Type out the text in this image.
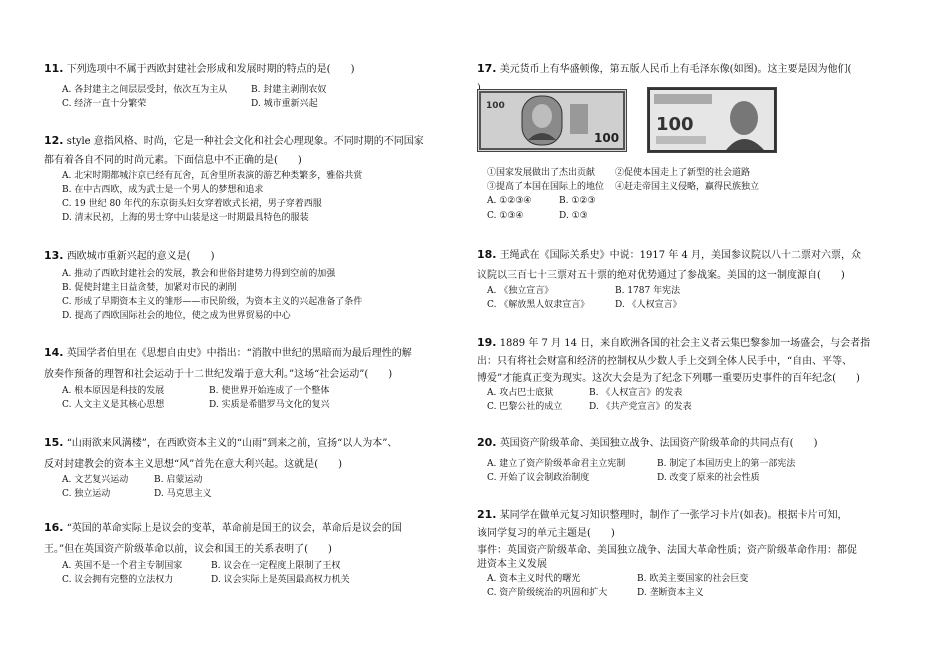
11. 下列选项中不属于西欧封建社会形成和发展时期的特点的是(　　)
A. 各封建主之间层层受封，依次互为主从	B. 封建主剥削农奴
C. 经济一直十分繁荣	D. 城市重新兴起
12. style 意指风格、时尚，它是一种社会文化和社会心理现象。不同时期的不同国家
都有着各自不同的时尚元素。下面信息中不正确的是(　　)
A. 北宋时期都城汴京已经有瓦舍，瓦舍里所表演的游艺种类繁多，雅俗共赏
B. 在中古西欧，成为武士是一个男人的梦想和追求
C. 19 世纪 80 年代的东京街头妇女穿着欧式长裙，男子穿着西服
D. 清末民初，上海的男士穿中山装是这一时期最具特色的服装
13. 西欧城市重新兴起的意义是(　　)
A. 推动了西欧封建社会的发展，教会和世俗封建势力得到空前的加强
B. 促使封建主日益贪婪，加紧对市民的剥削
C. 形成了早期资本主义的雏形——市民阶级，为资本主义的兴起准备了条件
D. 提高了西欧国际社会的地位，使之成为世界贸易的中心
14. 英国学者伯里在《思想自由史》中指出：“消散中世纪的黑暗而为最后理性的解
放奏作预备的理智和社会运动于十二世纪发端于意大利。”这场“社会运动”(　　)
A. 根本原因是科技的发展	B. 使世界开始连成了一个整体
C. 人文主义是其核心思想	D. 实质是希腊罗马文化的复兴
15. “山雨欲来风满楼”，在西欧资本主义的“山雨”到来之前，宣扬“以人为本”、
反对封建教会的资本主义思想“风”首先在意大利兴起。这就是(　　)
A. 文艺复兴运动	B. 启蒙运动
C. 独立运动	D. 马克思主义
16. “英国的革命实际上是议会的变革，革命前是国王的议会，革命后是议会的国
王。”但在英国资产阶级革命以前，议会和国王的关系表明了(　　)
A. 英国不是一个君主专制国家	B. 议会在一定程度上限制了王权
C. 议会拥有完整的立法权力	D. 议会实际上是英国最高权力机关
17. 美元货币上有华盛顿像，第五版人民币上有毛泽东像(如图)。这主要是因为他们(
100
100
100
①国家发展做出了杰出贡献 ②促使本国走上了新型的社会道路
③提高了本国在国际上的地位 ④赶走帝国主义侵略，赢得民族独立
A. ①②③④	B. ①②③
C. ①③④	D. ①③
18. 王绳武在《国际关系史》中说：1917 年 4 月，美国参议院以八十二票对六票，众
议院以三百七十三票对五十票的绝对优势通过了参战案。美国的这一制度源自(　　)
A. 《独立宣言》	B. 1787 年宪法
C. 《解放黑人奴隶宣言》	D. 《人权宣言》
19. 1889 年 7 月 14 日，来自欧洲各国的社会主义者云集巴黎参加一场盛会，与会者指
出：只有将社会财富和经济的控制权从少数人手上交到全体人民手中，“自由、平等、
博爱”才能真正变为现实。这次大会是为了纪念下列哪一重要历史事件的百年纪念(　　)
A. 攻占巴士底狱	B. 《人权宣言》的发表
C. 巴黎公社的成立	D. 《共产党宣言》的发表
20. 英国资产阶级革命、美国独立战争、法国资产阶级革命的共同点有(　　)
A. 建立了资产阶级革命君主立宪制	B. 制定了本国历史上的第一部宪法
C. 开始了议会制政治制度	D. 改变了原来的社会性质
21. 某同学在做单元复习知识整理时，制作了一张学习卡片(如表)。根据卡片可知，
该同学复习的单元主题是(　　)
事件：英国资产阶级革命、美国独立战争、法国大革命性质；资产阶级革命作用：都促
进资本主义发展
A. 资本主义时代的曙光	B. 欧美主要国家的社会巨变
C. 资产阶级统治的巩固和扩大	D. 垄断资本主义
